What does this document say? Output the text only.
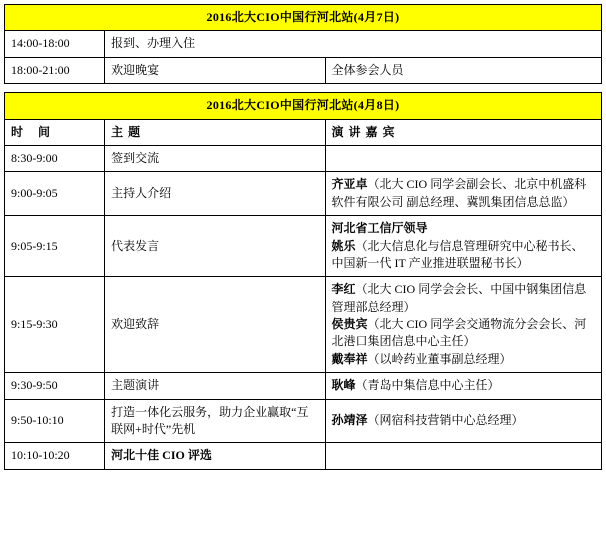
2016北大CIO中国行河北站(4月7日)		
14:00-18:00	报到、办理入住	
18:00-21:00	欢迎晚宴	全体参会人员
2016北大CIO中国行河北站(4月8日)		
时 间	主 题	演 讲 嘉 宾
8:30-9:00	签到交流	
9:00-9:05	主持人介绍	齐亚卓（北大 CIO 同学会副会长、北京中机盛科软件有限公司 副总经理、冀凯集团信息总监）
9:05-9:15	代表发言	河北省工信厅领导
姚乐（北大信息化与信息管理研究中心秘书长、中国新一代 IT 产业推进联盟秘书长）
9:15-9:30	欢迎致辞	李红（北大 CIO 同学会会长、中国中钢集团信息管理部总经理）
侯贵宾（北大 CIO 同学会交通物流分会会长、河北港口集团信息中心主任）
戴奉祥（以岭药业董事副总经理）
9:30-9:50	主题演讲	耿峰（青岛中集信息中心主任）
9:50-10:10	打造一体化云服务，助力企业赢取“互联网+时代”先机	孙靖泽（网宿科技营销中心总经理）
10:10-10:20	河北十佳 CIO 评选	
